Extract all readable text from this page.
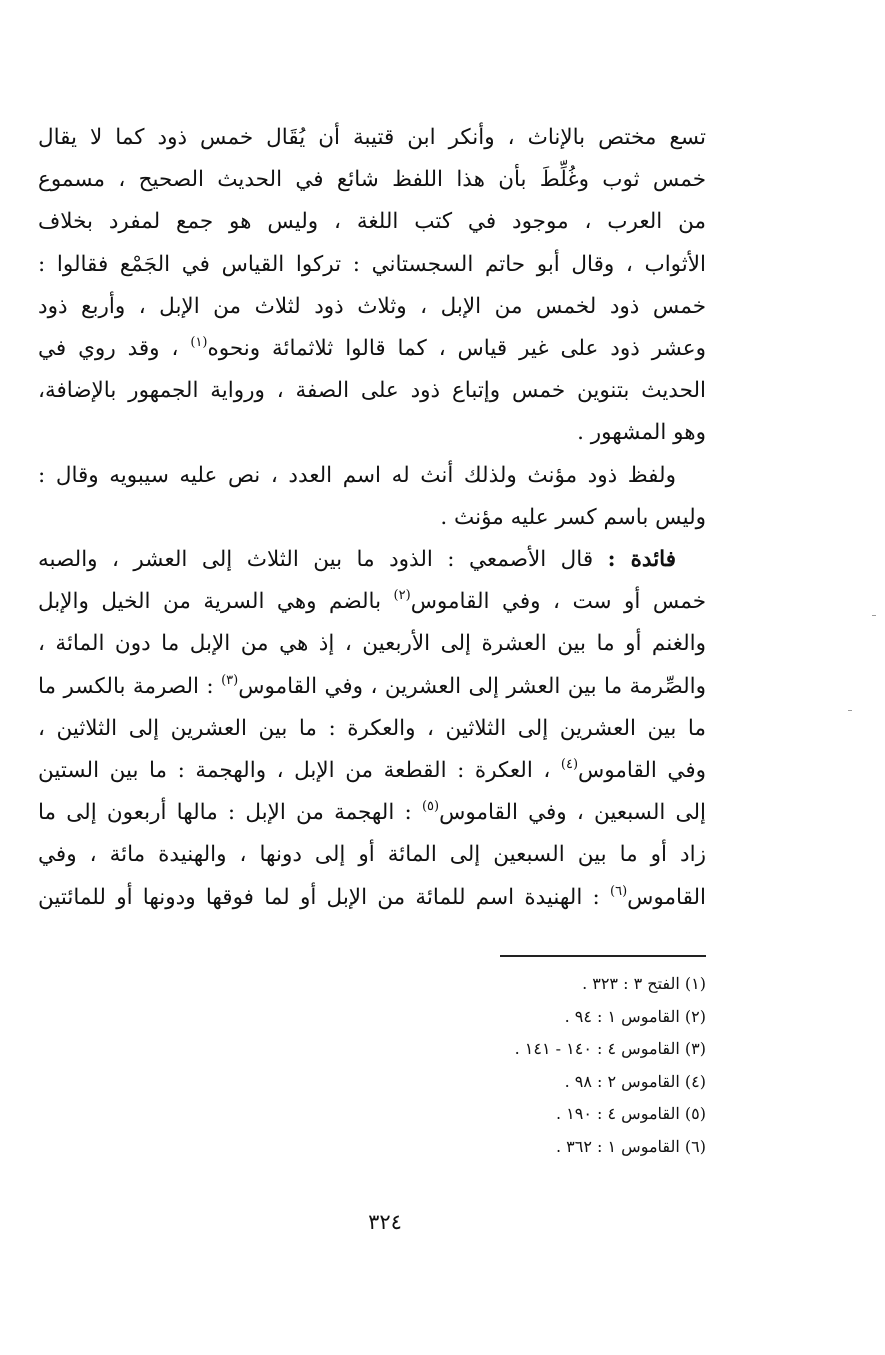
تسع مختص بالإناث ، وأنكر ابن قتيبة أن يُقَال خمس ذود كما لا يقال
خمس ثوب وغُلِّطَ بأن هذا اللفظ شائع في الحديث الصحيح ، مسموع
من العرب ، موجود في كتب اللغة ، وليس هو جمع لمفرد بخلاف
الأثواب ، وقال أبو حاتم السجستاني : تركوا القياس في الجَمْع فقالوا :
خمس ذود لخمس من الإبل ، وثلاث ذود لثلاث من الإبل ، وأربع ذود
وعشر ذود على غير قياس ، كما قالوا ثلاثمائة ونحوه$^{(١)}$ ، وقد روي في
الحديث بتنوين خمس وإتباع ذود على الصفة ، ورواية الجمهور بالإضافة،
وهو المشهور .
ولفظ ذود مؤنث ولذلك أنث له اسم العدد ، نص عليه سيبويه وقال :
وليس باسم كسر عليه مؤنث .
فائدة : قال الأصمعي : الذود ما بين الثلاث إلى العشر ، والصبه
خمس أو ست ، وفي القاموس$^{(٢)}$ بالضم وهي السرية من الخيل والإبل
والغنم أو ما بين العشرة إلى الأربعين ، إذ هي من الإبل ما دون المائة ،
والصِّرمة ما بين العشر إلى العشرين ، وفي القاموس$^{(٣)}$ : الصرمة بالكسر ما
ما بين العشرين إلى الثلاثين ، والعكرة : ما بين العشرين إلى الثلاثين ،
وفي القاموس$^{(٤)}$ ، العكرة : القطعة من الإبل ، والهجمة : ما بين الستين
إلى السبعين ، وفي القاموس$^{(٥)}$ : الهجمة من الإبل : مالها أربعون إلى ما
زاد أو ما بين السبعين إلى المائة أو إلى دونها ، والهنيدة مائة ، وفي
القاموس$^{(٦)}$ : الهنيدة اسم للمائة من الإبل أو لما فوقها ودونها أو للمائتين
(١) الفتح ٣ : ٣٢٣ .
(٢) القاموس ١ : ٩٤ .
(٣) القاموس ٤ : ١٤٠ - ١٤١ .
(٤) القاموس ٢ : ٩٨ .
(٥) القاموس ٤ : ١٩٠ .
(٦) القاموس ١ : ٣٦٢ .
٣٢٤
